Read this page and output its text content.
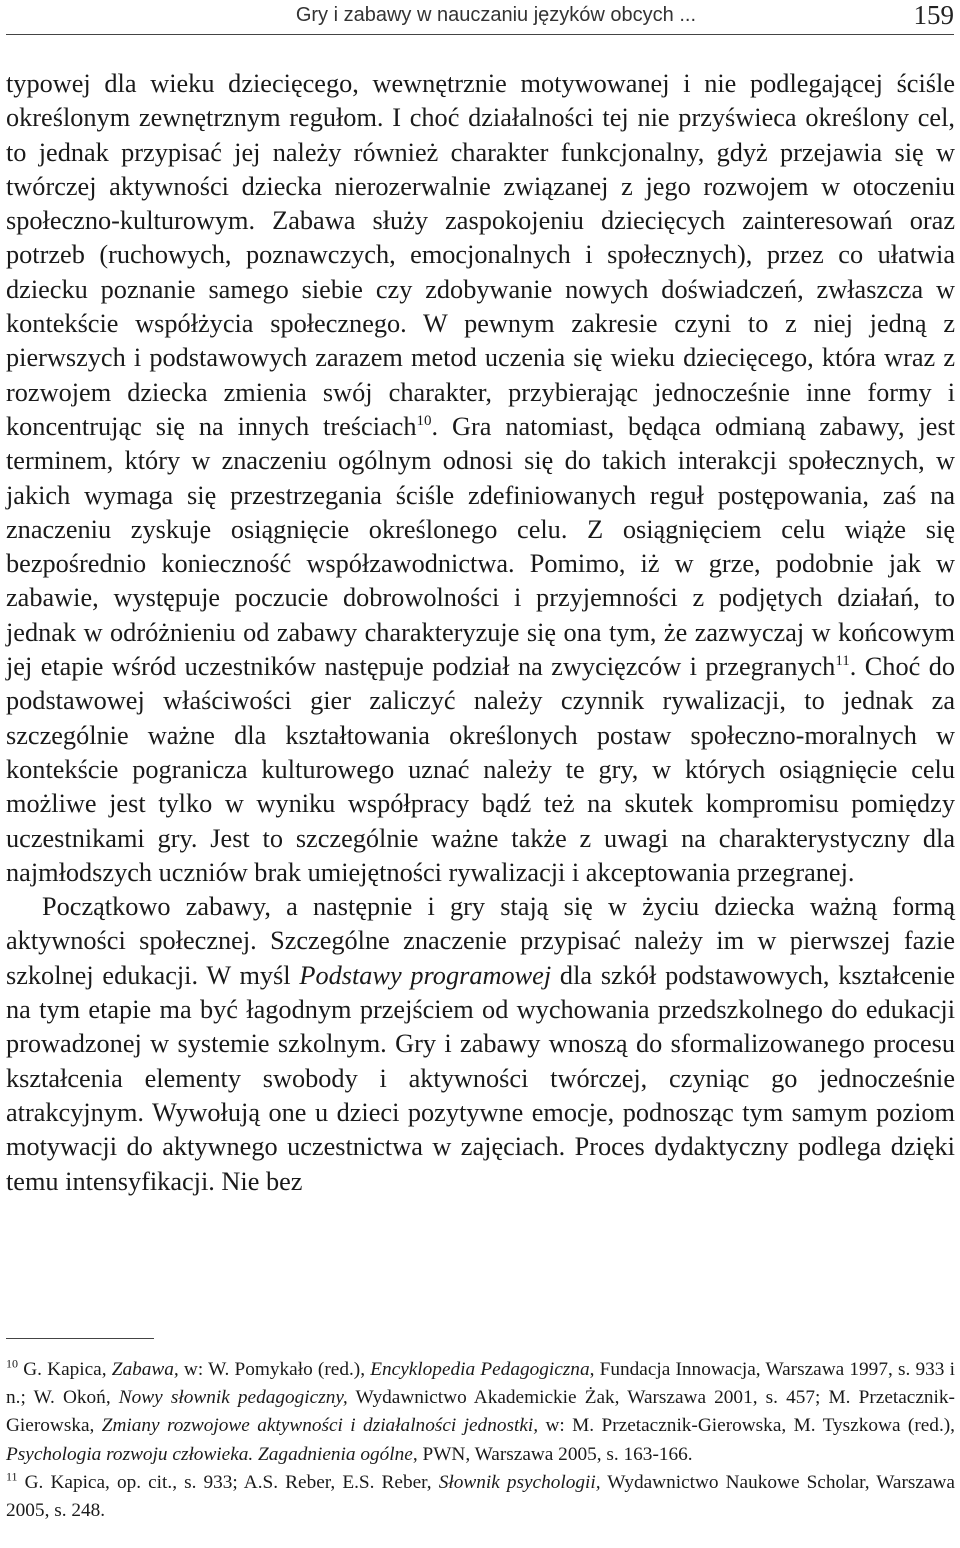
Gry i zabawy w nauczaniu języków obcych ...	159

typowej dla wieku dziecięcego, wewnętrznie motywowanej i nie podlegającej ściśle określonym zewnętrznym regułom. I choć działalności tej nie przyświeca określony cel, to jednak przypisać jej należy również charakter funkcjonalny, gdyż przejawia się w twórczej aktywności dziecka nierozerwalnie związanej z jego rozwojem w otoczeniu społeczno-kulturowym. Zabawa służy zaspokojeniu dziecięcych zainteresowań oraz potrzeb (ruchowych, poznawczych, emocjonalnych i społecznych), przez co ułatwia dziecku poznanie samego siebie czy zdobywanie nowych doświadczeń, zwłaszcza w kontekście współżycia społecznego. W pewnym zakresie czyni to z niej jedną z pierwszych i podstawowych zarazem metod uczenia się wieku dziecięcego, która wraz z rozwojem dziecka zmienia swój charakter, przybierając jednocześnie inne formy i koncentrując się na innych treściach$^{10}$. Gra natomiast, będąca odmianą zabawy, jest terminem, który w znaczeniu ogólnym odnosi się do takich interakcji społecznych, w jakich wymaga się przestrzegania ściśle zdefiniowanych reguł postępowania, zaś na znaczeniu zyskuje osiągnięcie określonego celu. Z osiągnięciem celu wiąże się bezpośrednio konieczność współzawodnictwa. Pomimo, iż w grze, podobnie jak w zabawie, występuje poczucie dobrowolności i przyjemności z podjętych działań, to jednak w odróżnieniu od zabawy charakteryzuje się ona tym, że zazwyczaj w końcowym jej etapie wśród uczestników następuje podział na zwycięzców i przegranych$^{11}$. Choć do podstawowej właściwości gier zaliczyć należy czynnik rywalizacji, to jednak za szczególnie ważne dla kształtowania określonych postaw społeczno-moralnych w kontekście pogranicza kulturowego uznać należy te gry, w których osiągnięcie celu możliwe jest tylko w wyniku współpracy bądź też na skutek kompromisu pomiędzy uczestnikami gry. Jest to szczególnie ważne także z uwagi na charakterystyczny dla najmłodszych uczniów brak umiejętności rywalizacji i akceptowania przegranej.

Początkowo zabawy, a następnie i gry stają się w życiu dziecka ważną formą aktywności społecznej. Szczególne znaczenie przypisać należy im w pierwszej fazie szkolnej edukacji. W myśl Podstawy programowej dla szkół podstawowych, kształcenie na tym etapie ma być łagodnym przejściem od wychowania przedszkolnego do edukacji prowadzonej w systemie szkolnym. Gry i zabawy wnoszą do sformalizowanego procesu kształcenia elementy swobody i aktywności twórczej, czyniąc go jednocześnie atrakcyjnym. Wywołują one u dzieci pozytywne emocje, podnosząc tym samym poziom motywacji do aktywnego uczestnictwa w zajęciach. Proces dydaktyczny podlega dzięki temu intensyfikacji. Nie bez

$^{10}$ G. Kapica, Zabawa, w: W. Pomykało (red.), Encyklopedia Pedagogiczna, Fundacja Innowacja, Warszawa 1997, s. 933 i n.; W. Okoń, Nowy słownik pedagogiczny, Wydawnictwo Akademickie Żak, Warszawa 2001, s. 457; M. Przetacznik-Gierowska, Zmiany rozwojowe aktywności i działalności jednostki, w: M. Przetacznik-Gierowska, M. Tyszkowa (red.), Psychologia rozwoju człowieka. Zagadnienia ogólne, PWN, Warszawa 2005, s. 163-166.

$^{11}$ G. Kapica, op. cit., s. 933; A.S. Reber, E.S. Reber, Słownik psychologii, Wydawnictwo Naukowe Scholar, Warszawa 2005, s. 248.
